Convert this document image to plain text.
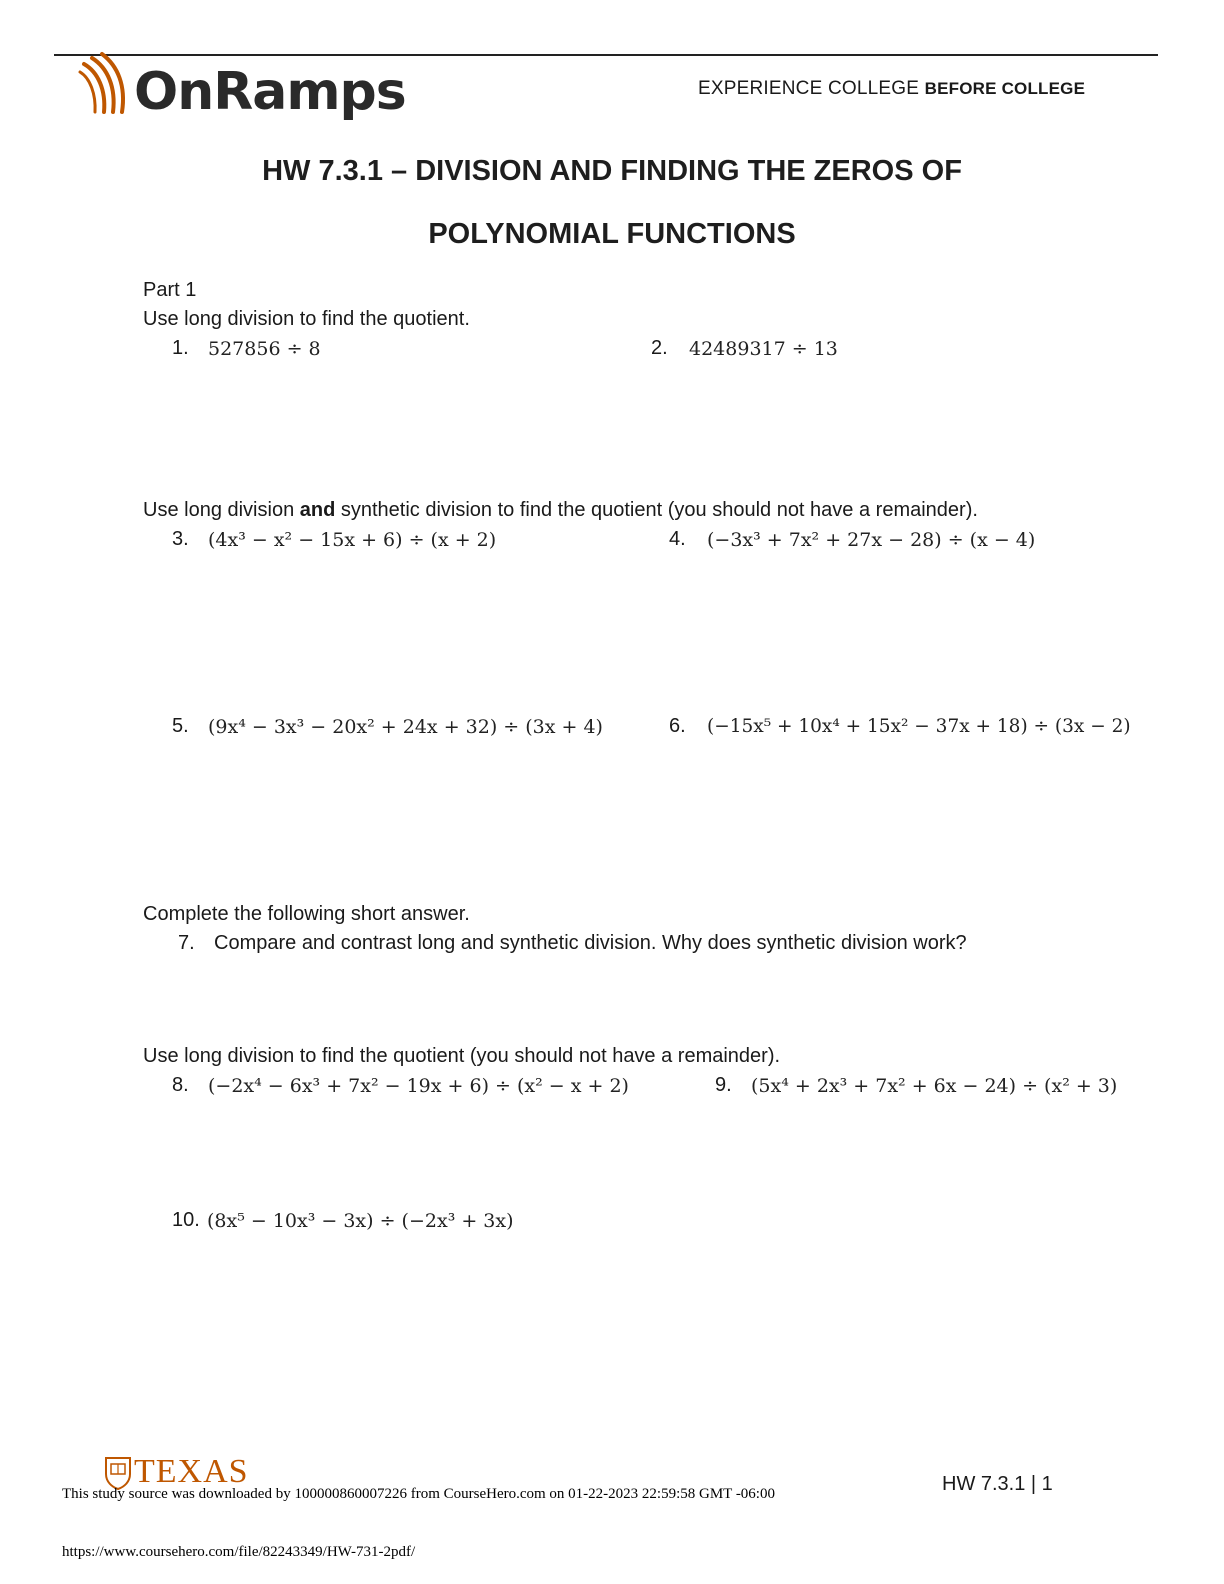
OnRamps	EXPERIENCE COLLEGE BEFORE COLLEGE
HW 7.3.1 – DIVISION AND FINDING THE ZEROS OF
POLYNOMIAL FUNCTIONS
Part 1
Use long division to find the quotient.
1. 527856 ÷ 8	2. 42489317 ÷ 13
Use long division and synthetic division to find the quotient (you should not have a remainder).
3. (4x³ − x² − 15x + 6) ÷ (x + 2)	4. (−3x³ + 7x² + 27x − 28) ÷ (x − 4)
5. (9x⁴ − 3x³ − 20x² + 24x + 32) ÷ (3x + 4)	6. (−15x⁵ + 10x⁴ + 15x² − 37x + 18) ÷ (3x − 2)
Complete the following short answer.
7. Compare and contrast long and synthetic division. Why does synthetic division work?
Use long division to find the quotient (you should not have a remainder).
8. (−2x⁴ − 6x³ + 7x² − 19x + 6) ÷ (x² − x + 2)	9. (5x⁴ + 2x³ + 7x² + 6x − 24) ÷ (x² + 3)
10. (8x⁵ − 10x³ − 3x) ÷ (−2x³ + 3x)
TEXAS
This study source was downloaded by 100000860007226 from CourseHero.com on 01-22-2023 22:59:58 GMT -06:00	HW 7.3.1 | 1
https://www.coursehero.com/file/82243349/HW-731-2pdf/
